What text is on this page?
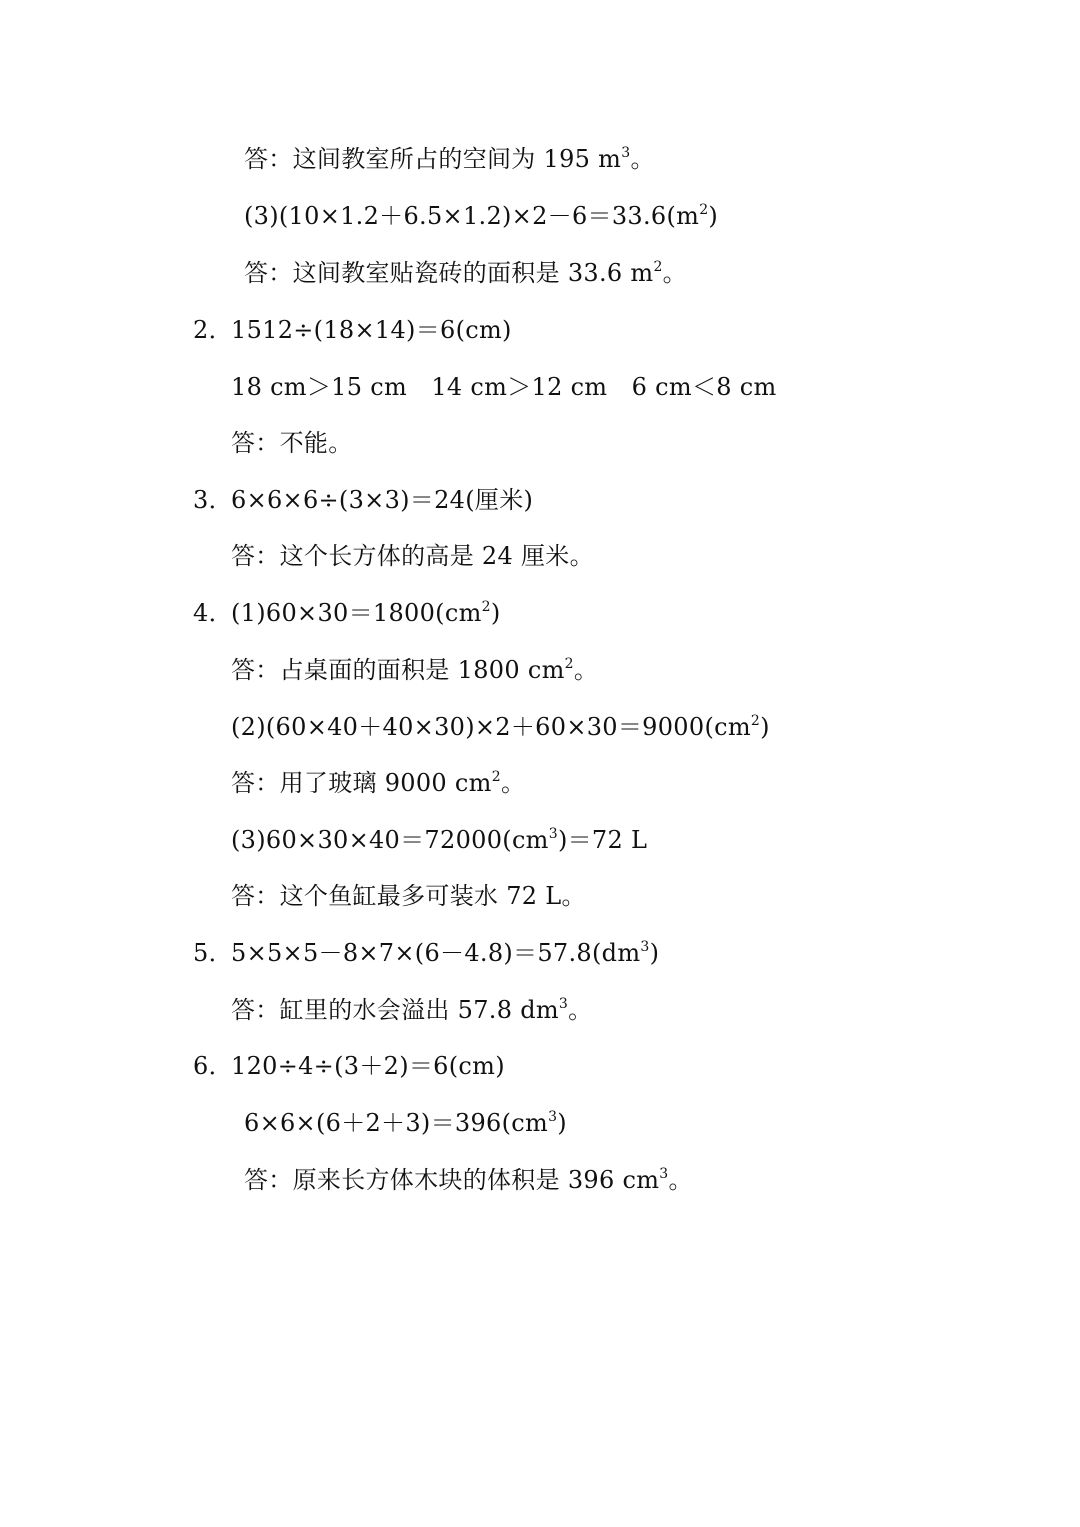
答：这间教室所占的空间为 195 $m^3$。
$(3)(10\times 1.2+6.5\times 1.2)\times 2-6=33.6(m^2)$
答：这间教室贴瓷砖的面积是 33.6 $m^2$。
2．1512÷(18×14)＝6(cm)
18 cm＞15 cm　14 cm＞12 cm　6 cm＜8 cm
答：不能。
3．6×6×6÷(3×3)＝24(厘米)
答：这个长方体的高是 24 厘米。
4．$(1)60\times 30=1800(cm^2)$
答：占桌面的面积是 1800 $cm^2$。
$(2)(60\times 40+40\times 30)\times 2+60\times 30=9000(cm^2)$
答：用了玻璃 9000 $cm^2$。
$(3)60\times 30\times 40=72000(cm^3)=72$ L
答：这个鱼缸最多可装水 72 L。
5．$5\times 5\times 5-8\times 7\times(6-4.8)=57.8(dm^3)$
答：缸里的水会溢出 57.8 $dm^3$。
6．120÷4÷(3＋2)＝6(cm)
$6\times 6\times(6+2+3)=396(cm^3)$
答：原来长方体木块的体积是 396 $cm^3$。
